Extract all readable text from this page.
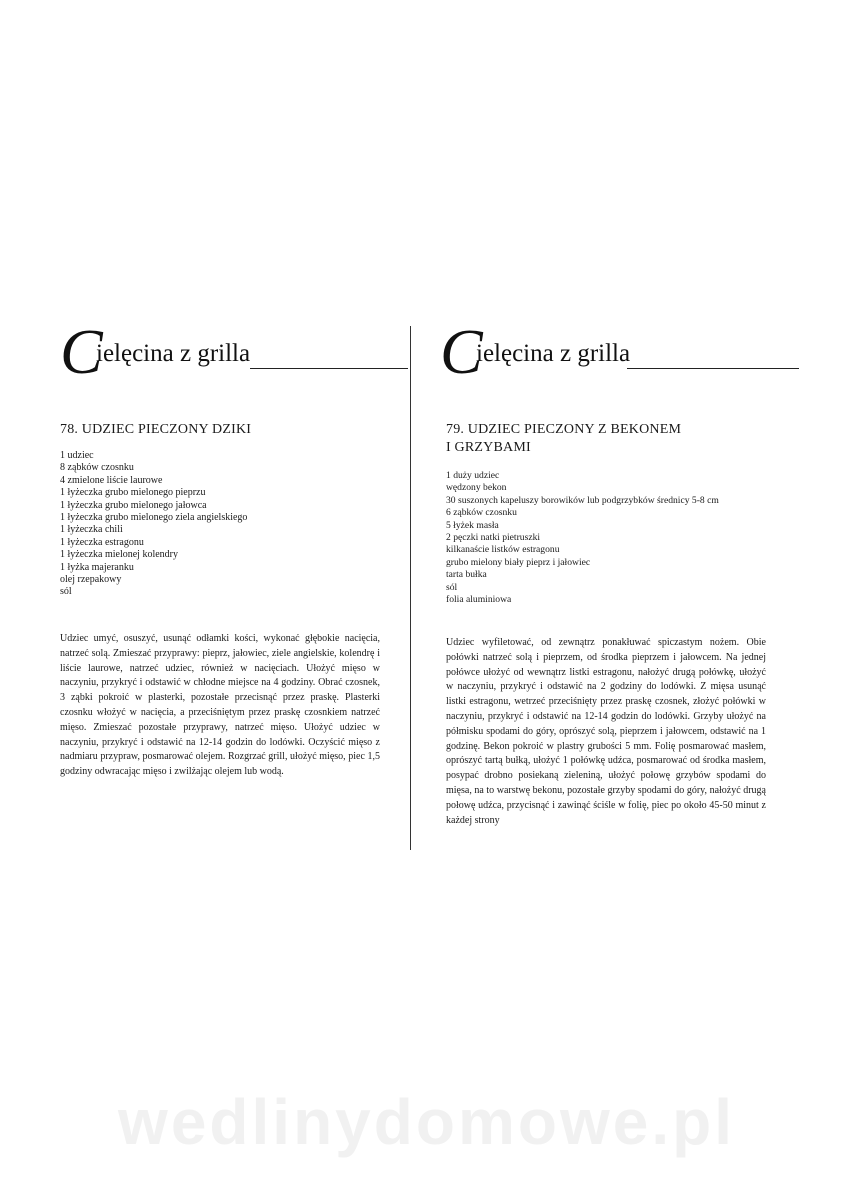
C
ielęcina z grilla
78. UDZIEC PIECZONY DZIKI
1 udziec
8 ząbków czosnku
4 zmielone liście laurowe
1 łyżeczka grubo mielonego pieprzu
1 łyżeczka grubo mielonego jałowca
1 łyżeczka grubo mielonego ziela angielskiego
1 łyżeczka chili
1 łyżeczka estragonu
1 łyżeczka mielonej kolendry
1 łyżka majeranku
olej rzepakowy
sól

Udziec umyć, osuszyć, usunąć odłamki kości, wykonać głębokie nacięcia, natrzeć solą. Zmieszać przyprawy: pieprz, jałowiec, ziele angielskie, kolendrę i liście laurowe, natrzeć udziec, również w nacięciach. Ułożyć mięso w naczyniu, przykryć i odstawić w chłodne miejsce na 4 godziny. Obrać czosnek, 3 ząbki pokroić w plasterki, pozostałe przecisnąć przez praskę. Plasterki czosnku włożyć w nacięcia, a przeciśniętym przez praskę czosnkiem natrzeć mięso. Zmieszać pozostałe przyprawy, natrzeć mięso. Ułożyć udziec w naczyniu, przykryć i odstawić na 12-14 godzin do lodówki. Oczyścić mięso z nadmiaru przypraw, posmarować olejem. Rozgrzać grill, ułożyć mięso, piec 1,5 godziny odwracając mięso i zwilżając olejem lub wodą.

C
ielęcina z grilla
79. UDZIEC PIECZONY Z BEKONEM
I GRZYBAMI
1 duży udziec
wędzony bekon
30 suszonych kapeluszy borowików lub podgrzybków średnicy 5-8 cm
6 ząbków czosnku
5 łyżek masła
2 pęczki natki pietruszki
kilkanaście listków estragonu
grubo mielony biały pieprz i jałowiec
tarta bułka
sól
folia aluminiowa

Udziec wyfiletować, od zewnątrz ponakłuwać spiczastym nożem. Obie połówki natrzeć solą i pieprzem, od środka pieprzem i jałowcem. Na jednej połówce ułożyć od wewnątrz listki estragonu, nałożyć drugą połówkę, ułożyć w naczyniu, przykryć i odstawić na 2 godziny do lodówki. Z mięsa usunąć listki estragonu, wetrzeć przeciśnięty przez praskę czosnek, złożyć połówki w naczyniu, przykryć i odstawić na 12-14 godzin do lodówki. Grzyby ułożyć na półmisku spodami do góry, oprószyć solą, pieprzem i jałowcem, odstawić na 1 godzinę. Bekon pokroić w plastry grubości 5 mm. Folię posmarować masłem, oprószyć tartą bułką, ułożyć 1 połówkę udźca, posmarować od środka masłem, posypać drobno posiekaną zieleniną, ułożyć połowę grzybów spodami do mięsa, na to warstwę bekonu, pozostałe grzyby spodami do góry, nałożyć drugą połowę udźca, przycisnąć i zawinąć ściśle w folię, piec po około 45-50 minut z każdej strony

wedlinydomowe.pl
